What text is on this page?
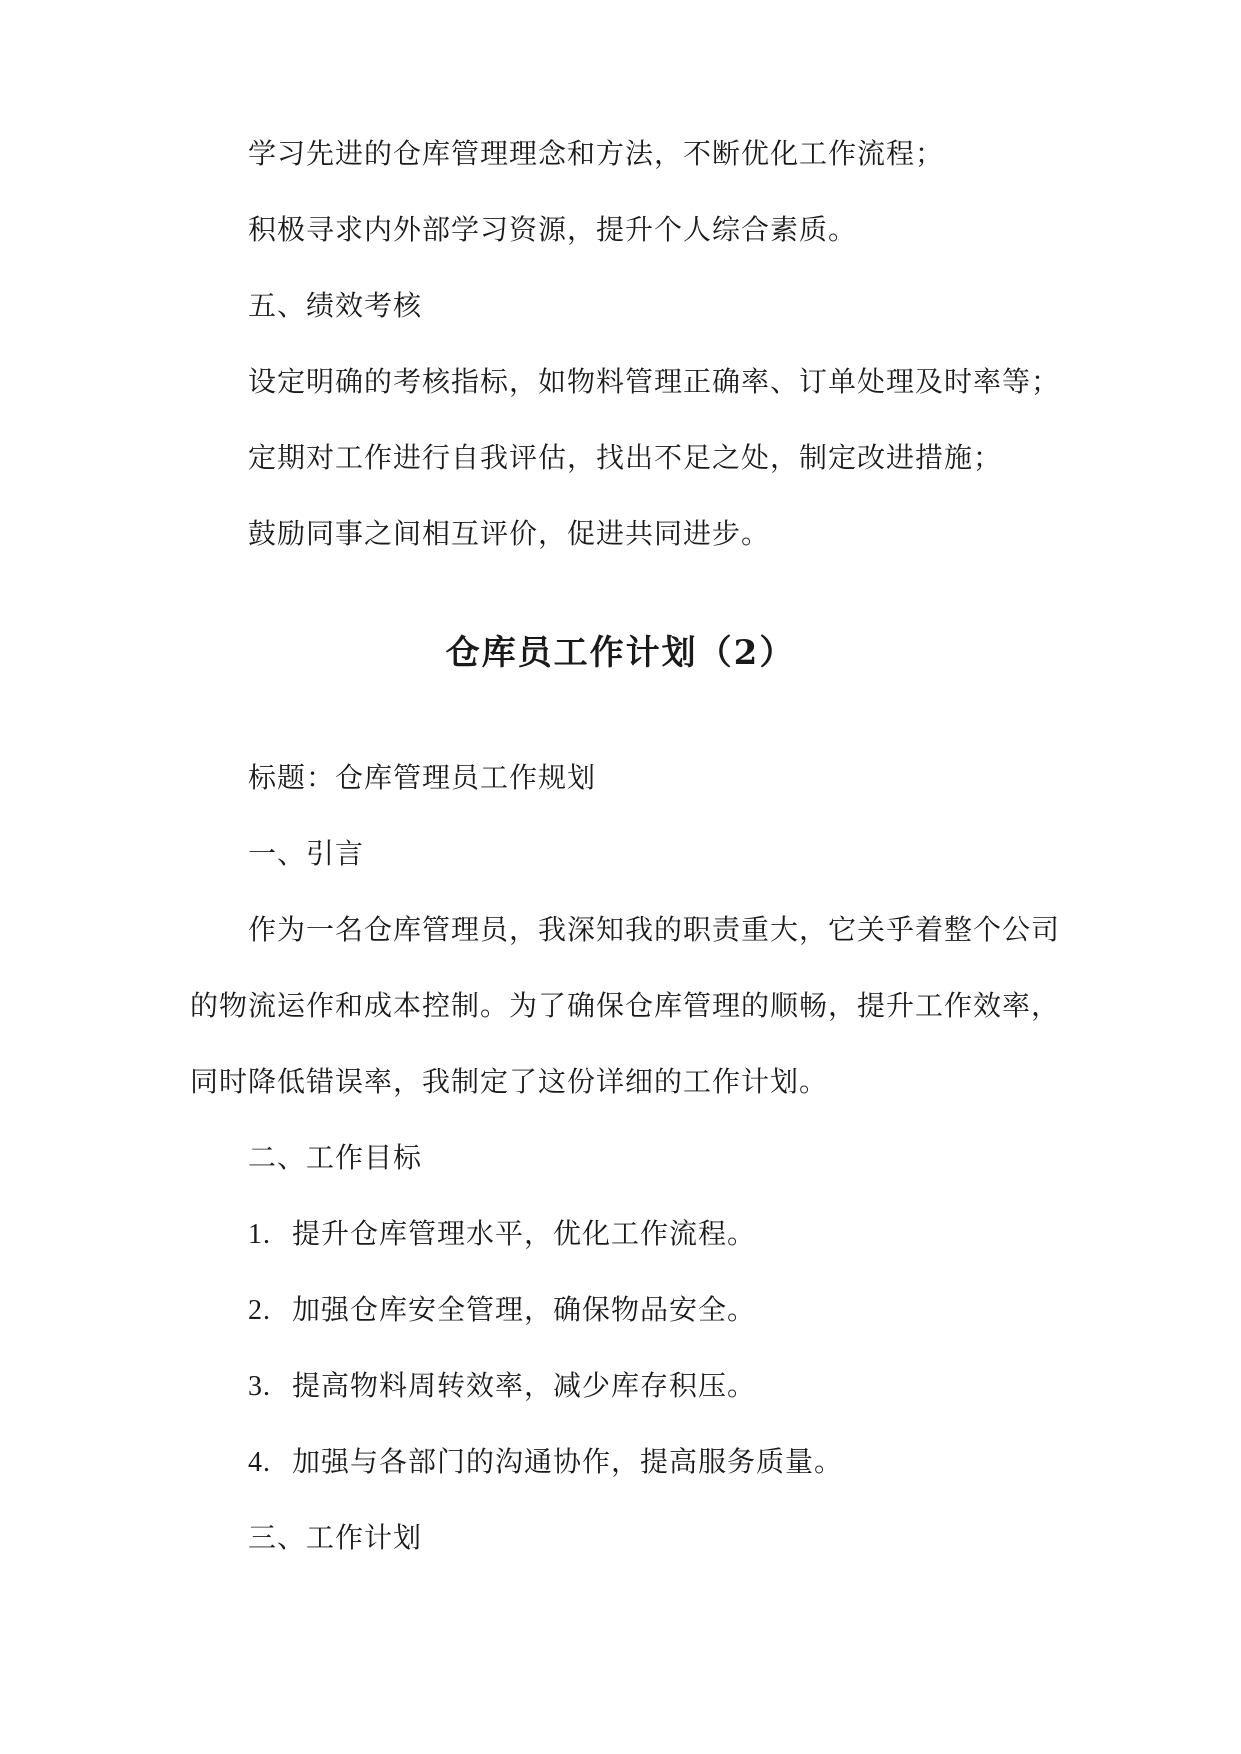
学习先进的仓库管理理念和方法，不断优化工作流程；
积极寻求内外部学习资源，提升个人综合素质。
五、绩效考核
设定明确的考核指标，如物料管理正确率、订单处理及时率等；
定期对工作进行自我评估，找出不足之处，制定改进措施；
鼓励同事之间相互评价，促进共同进步。
仓库员工作计划（2）
标题：仓库管理员工作规划
一、引言
作为一名仓库管理员，我深知我的职责重大，它关乎着整个公司
的物流运作和成本控制。为了确保仓库管理的顺畅，提升工作效率，
同时降低错误率，我制定了这份详细的工作计划。
二、工作目标
1. 提升仓库管理水平，优化工作流程。
2. 加强仓库安全管理，确保物品安全。
3. 提高物料周转效率，减少库存积压。
4. 加强与各部门的沟通协作，提高服务质量。
三、工作计划
